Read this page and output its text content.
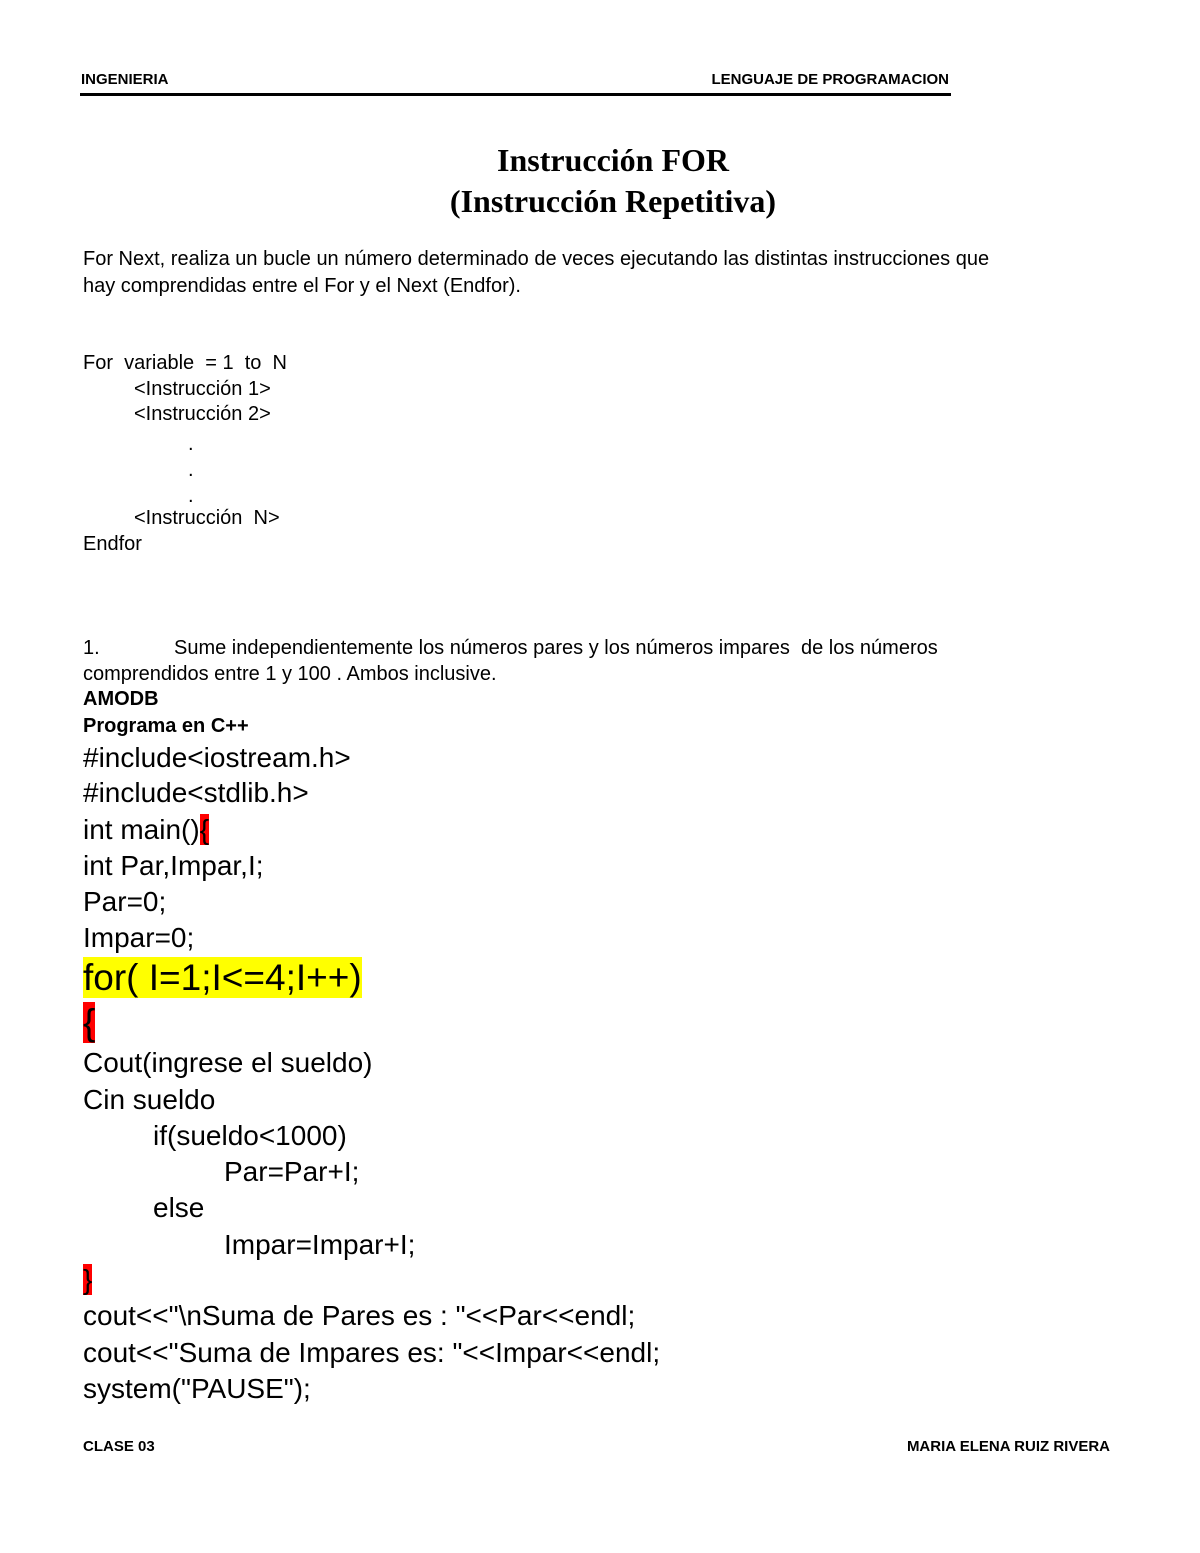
INGENIERIA	LENGUAJE DE PROGRAMACION
Instrucción FOR
(Instrucción Repetitiva)
For Next, realiza un bucle un número determinado de veces ejecutando las distintas instrucciones que
hay comprendidas entre el For y el Next (Endfor).
For  variable  = 1  to  N
<Instrucción 1>
<Instrucción 2>
.
.
.
<Instrucción  N>
Endfor
1.	Sume independientemente los números pares y los números impares  de los números
comprendidos entre 1 y 100 . Ambos inclusive.
AMODB
Programa en C++
#include<iostream.h>
#include<stdlib.h>
int main(){
int Par,Impar,I;
Par=0;
Impar=0;
for( I=1;I<=4;I++)
{
Cout(ingrese el sueldo)
Cin sueldo
if(sueldo<1000)
Par=Par+I;
else
Impar=Impar+I;
}
cout<<"\nSuma de Pares es : "<<Par<<endl;
cout<<"Suma de Impares es: "<<Impar<<endl;
system("PAUSE");
CLASE 03	MARIA ELENA RUIZ RIVERA
